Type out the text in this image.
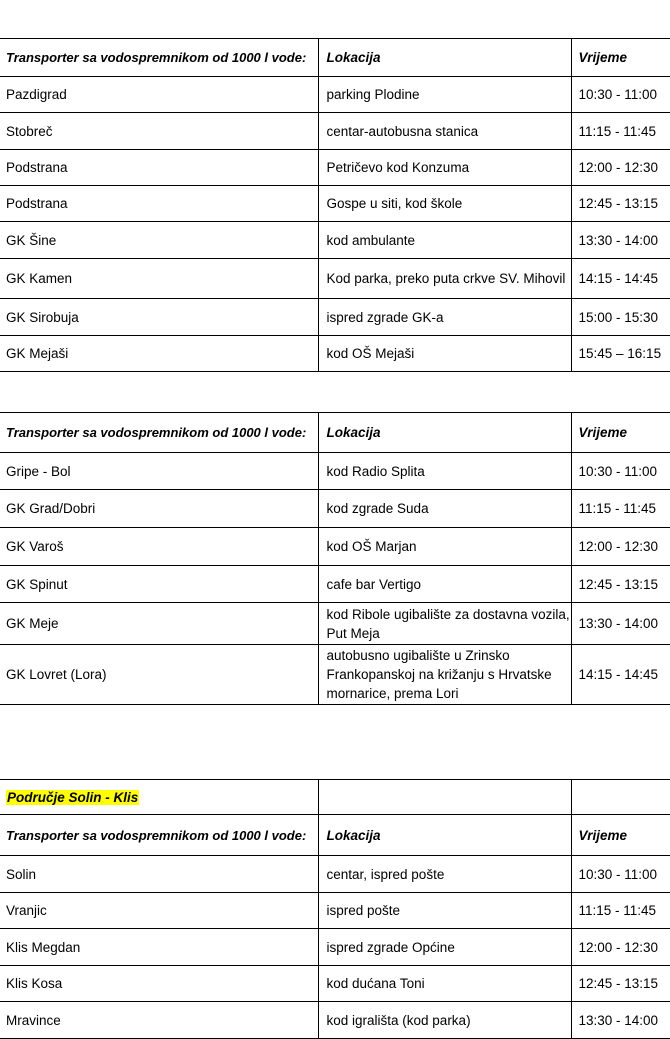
Transporter sa vodospremnikom od 1000 l vode:	Lokacija	Vrijeme
Pazdigrad	parking Plodine	10:30 - 11:00
Stobreč	centar-autobusna stanica	11:15 - 11:45
Podstrana	Petričevo kod Konzuma	12:00 - 12:30
Podstrana	Gospe u siti, kod škole	12:45 - 13:15
GK Šine	kod ambulante	13:30 - 14:00
GK Kamen	Kod parka, preko puta crkve SV. Mihovil	14:15 - 14:45
GK Sirobuja	ispred zgrade GK-a	15:00 - 15:30
GK Mejaši	kod OŠ Mejaši	15:45 – 16:15
Transporter sa vodospremnikom od 1000 l vode:	Lokacija	Vrijeme
Gripe - Bol	kod Radio Splita	10:30 - 11:00
GK Grad/Dobri	kod zgrade Suda	11:15 - 11:45
GK Varoš	kod OŠ Marjan	12:00 - 12:30
GK Spinut	cafe bar Vertigo	12:45 - 13:15
GK Meje	kod Ribole ugibalište za dostavna vozila, Put Meja	13:30 - 14:00
GK Lovret (Lora)	autobusno ugibalište u Zrinsko Frankopanskoj na križanju s Hrvatske mornarice, prema Lori	14:15 - 14:45
Područje Solin - Klis		
Transporter sa vodospremnikom od 1000 l vode:	Lokacija	Vrijeme
Solin	centar, ispred pošte	10:30 - 11:00
Vranjic	ispred pošte	11:15 - 11:45
Klis Megdan	ispred zgrade Općine	12:00 - 12:30
Klis Kosa	kod dućana Toni	12:45 - 13:15
Mravince	kod igrališta (kod parka)	13:30 - 14:00
